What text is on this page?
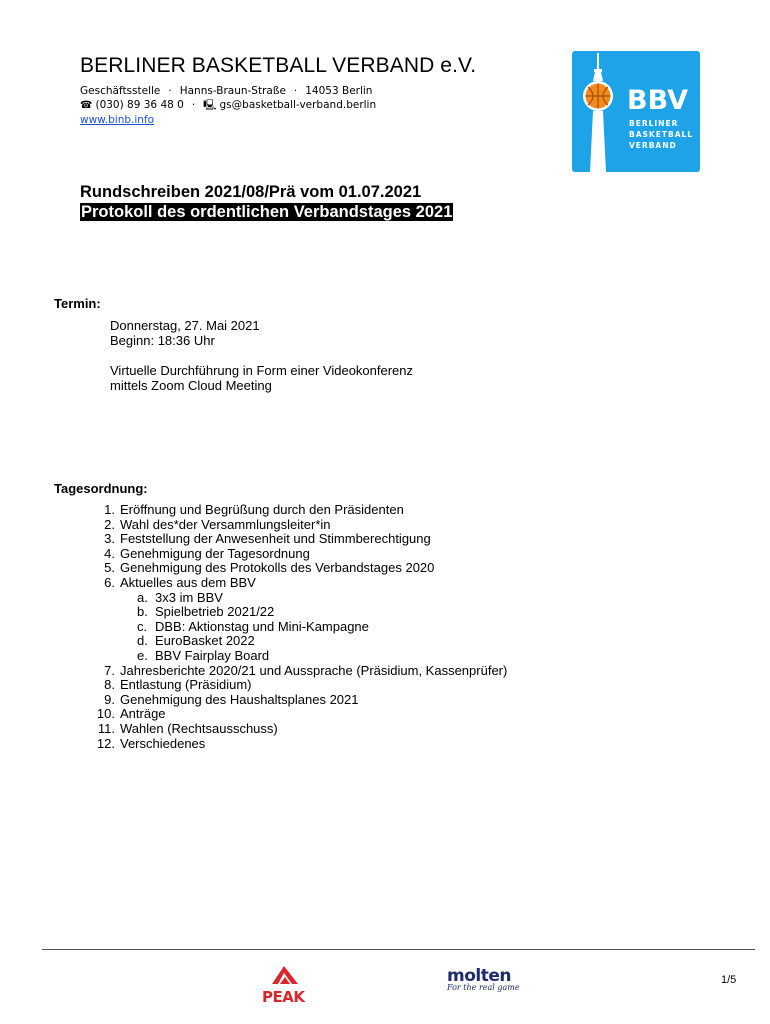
BERLINER BASKETBALL VERBAND e.V.
Geschäftsstelle · Hanns-Braun-Straße · 14053 Berlin
☎ (030) 89 36 48 0 · 🖳 gs@basketball-verband.berlin
www.binb.info
BBV
BERLINER
BASKETBALL
VERBAND
Rundschreiben 2021/08/Prä vom 01.07.2021
Protokoll des ordentlichen Verbandstages 2021
Termin:

Donnerstag, 27. Mai 2021

Beginn: 18:36 Uhr

Virtuelle Durchführung in Form einer Videokonferenz

mittels Zoom Cloud Meeting

Tagesordnung:
1. Eröffnung und Begrüßung durch den Präsidenten
2. Wahl des*der Versammlungsleiter*in
3. Feststellung der Anwesenheit und Stimmberechtigung
4. Genehmigung der Tagesordnung
5. Genehmigung des Protokolls des Verbandstages 2020
6. Aktuelles aus dem BBV
a. 3x3 im BBV
b. Spielbetrieb 2021/22
c. DBB: Aktionstag und Mini-Kampagne
d. EuroBasket 2022
e. BBV Fairplay Board
7. Jahresberichte 2020/21 und Aussprache (Präsidium, Kassenprüfer)
8. Entlastung (Präsidium)
9. Genehmigung des Haushaltsplanes 2021
10. Anträge
11. Wahlen (Rechtsausschuss)
12. Verschiedenes
PEAK
molten
For the real game
1/5
